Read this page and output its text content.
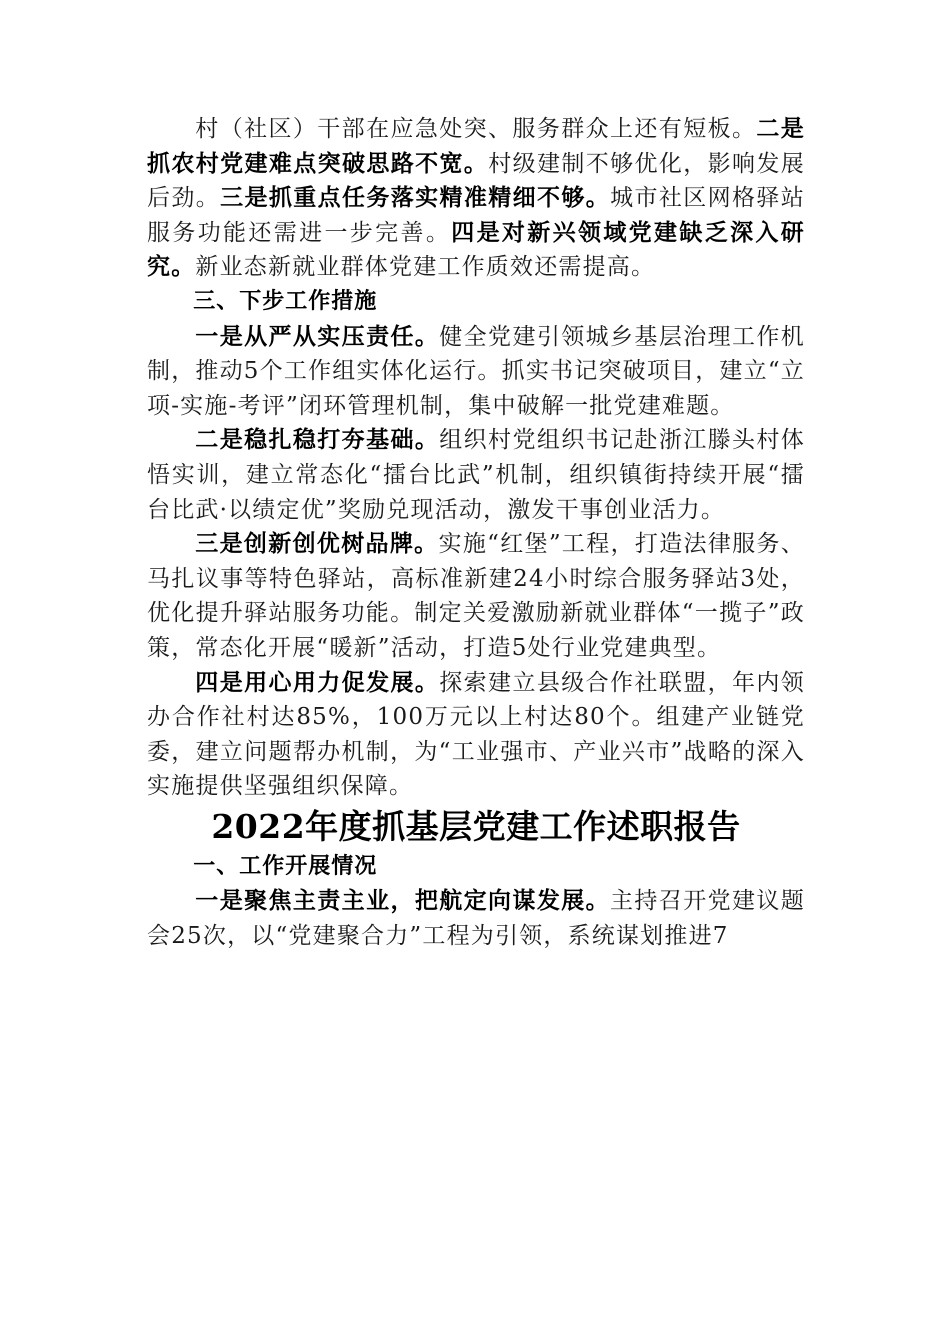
村（社区）干部在应急处突、服务群众上还有短板。二是抓农村党建难点突破思路不宽。村级建制不够优化，影响发展后劲。三是抓重点任务落实精准精细不够。城市社区网格驿站服务功能还需进一步完善。四是对新兴领域党建缺乏深入研究。新业态新就业群体党建工作质效还需提高。

三、下步工作措施

一是从严从实压责任。健全党建引领城乡基层治理工作机制，推动5个工作组实体化运行。抓实书记突破项目，建立“立项-实施-考评”闭环管理机制，集中破解一批党建难题。

二是稳扎稳打夯基础。组织村党组织书记赴浙江滕头村体悟实训，建立常态化“擂台比武”机制，组织镇街持续开展“擂台比武·以绩定优”奖励兑现活动，激发干事创业活力。

三是创新创优树品牌。实施“红堡”工程，打造法律服务、马扎议事等特色驿站，高标准新建24小时综合服务驿站3处，优化提升驿站服务功能。制定关爱激励新就业群体“一揽子”政策，常态化开展“暖新”活动，打造5处行业党建典型。

四是用心用力促发展。探索建立县级合作社联盟，年内领办合作社村达85%，100万元以上村达80个。组建产业链党委，建立问题帮办机制，为“工业强市、产业兴市”战略的深入实施提供坚强组织保障。

2022年度抓基层党建工作述职报告

一、工作开展情况

一是聚焦主责主业，把航定向谋发展。主持召开党建议题会25次，以“党建聚合力”工程为引领，系统谋划推进7
